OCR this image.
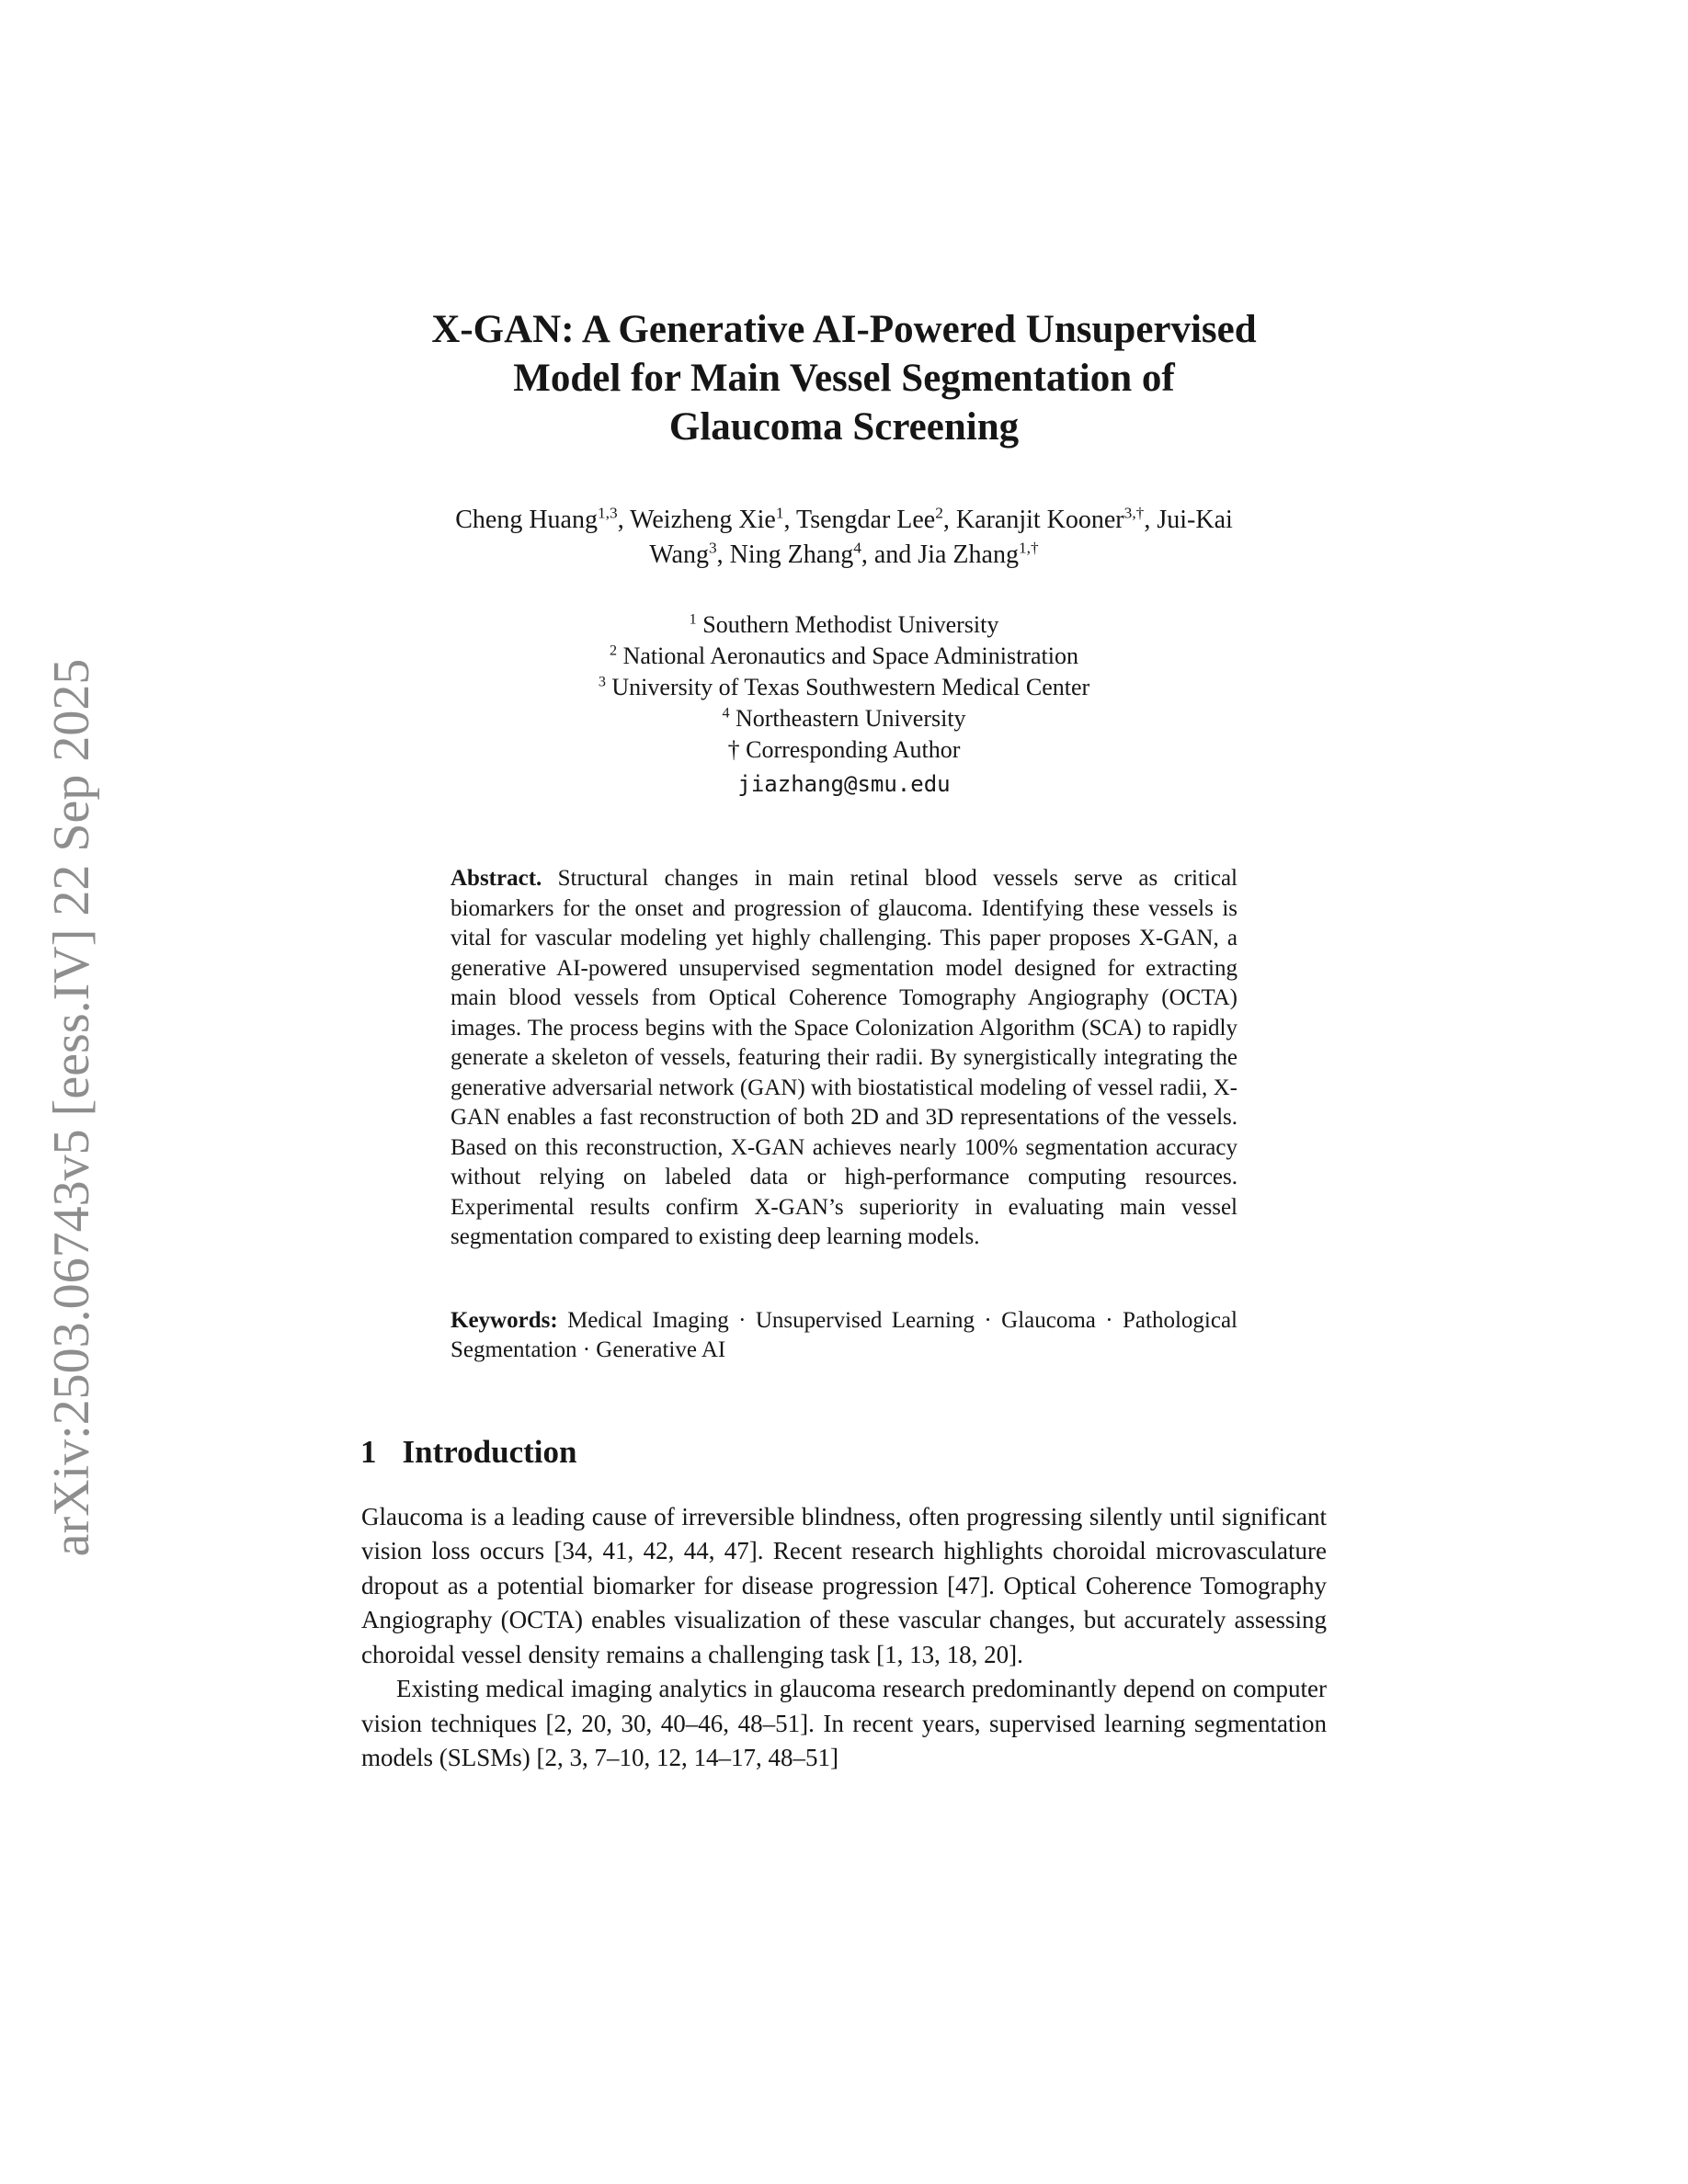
arXiv:2503.06743v5 [eess.IV] 22 Sep 2025
X-GAN: A Generative AI-Powered Unsupervised
Model for Main Vessel Segmentation of
Glaucoma Screening
Cheng Huang$^{1,3}$, Weizheng Xie$^1$, Tsengdar Lee$^2$, Karanjit Kooner$^{3,\dagger}$, Jui-Kai
Wang$^3$, Ning Zhang$^4$, and Jia Zhang$^{1,\dagger}$
$^1$ Southern Methodist University
$^2$ National Aeronautics and Space Administration
$^3$ University of Texas Southwestern Medical Center
$^4$ Northeastern University
† Corresponding Author
jiazhang@smu.edu

Abstract. Structural changes in main retinal blood vessels serve as critical biomarkers for the onset and progression of glaucoma. Identifying these vessels is vital for vascular modeling yet highly challenging. This paper proposes X-GAN, a generative AI-powered unsupervised segmentation model designed for extracting main blood vessels from Optical Coherence Tomography Angiography (OCTA) images. The process begins with the Space Colonization Algorithm (SCA) to rapidly generate a skeleton of vessels, featuring their radii. By synergistically integrating the generative adversarial network (GAN) with biostatistical modeling of vessel radii, X-GAN enables a fast reconstruction of both 2D and 3D representations of the vessels. Based on this reconstruction, X-GAN achieves nearly 100% segmentation accuracy without relying on labeled data or high-performance computing resources. Experimental results confirm X-GAN’s superiority in evaluating main vessel segmentation compared to existing deep learning models.

Keywords: Medical Imaging · Unsupervised Learning · Glaucoma · Pathological Segmentation · Generative AI

1 Introduction

Glaucoma is a leading cause of irreversible blindness, often progressing silently until significant vision loss occurs [34, 41, 42, 44, 47]. Recent research highlights choroidal microvasculature dropout as a potential biomarker for disease progression [47]. Optical Coherence Tomography Angiography (OCTA) enables visualization of these vascular changes, but accurately assessing choroidal vessel density remains a challenging task [1, 13, 18, 20].

Existing medical imaging analytics in glaucoma research predominantly depend on computer vision techniques [2, 20, 30, 40–46, 48–51]. In recent years, supervised learning segmentation models (SLSMs) [2, 3, 7–10, 12, 14–17, 48–51]
